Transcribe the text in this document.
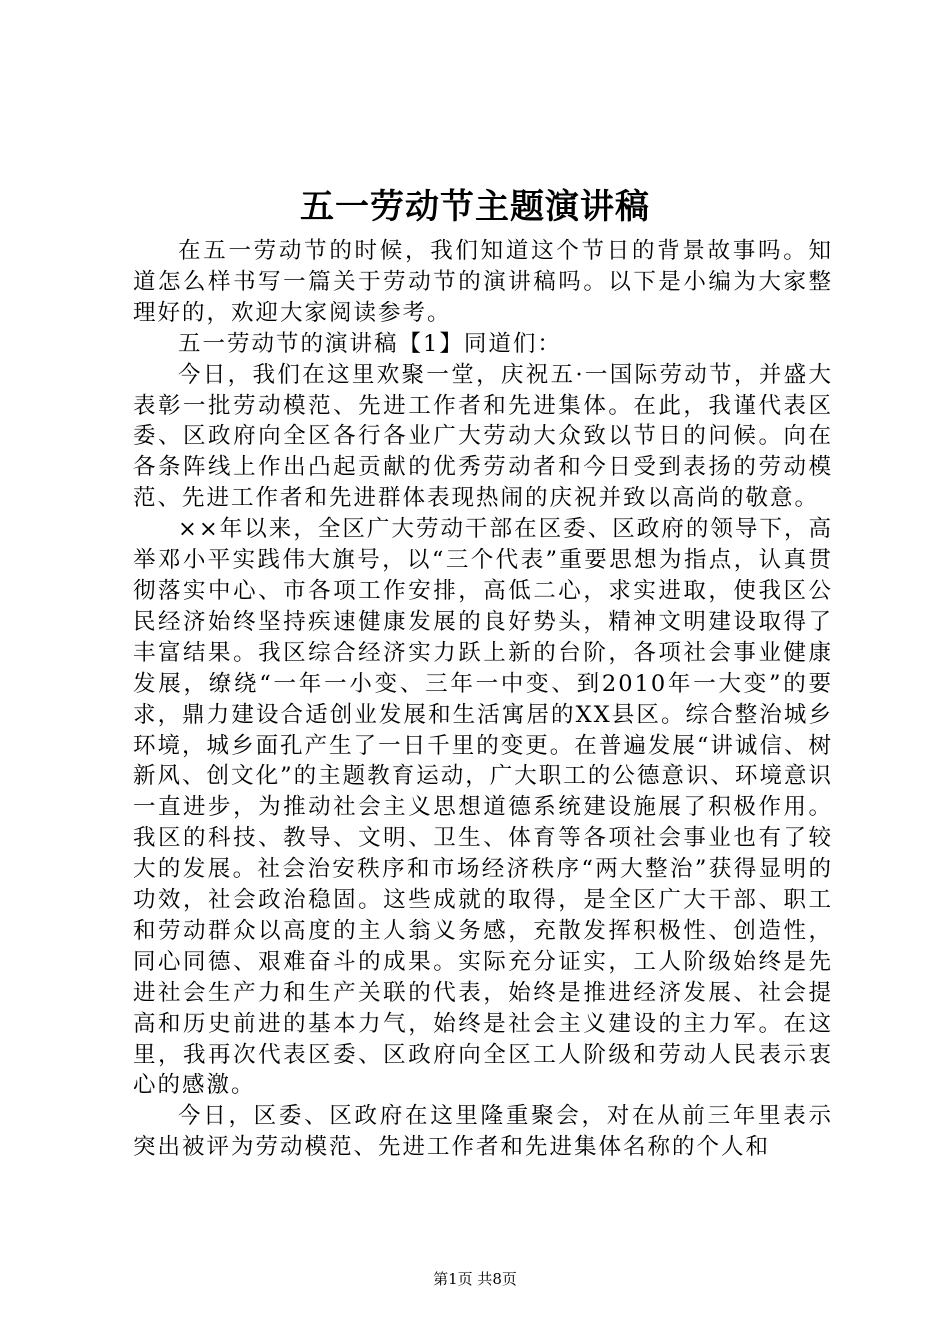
五一劳动节主题演讲稿

在五一劳动节的时候，我们知道这个节日的背景故事吗。知道怎么样书写一篇关于劳动节的演讲稿吗。以下是小编为大家整理好的，欢迎大家阅读参考。

五一劳动节的演讲稿【1】同道们：

今日，我们在这里欢聚一堂，庆祝五·一国际劳动节，并盛大表彰一批劳动模范、先进工作者和先进集体。在此，我谨代表区委、区政府向全区各行各业广大劳动大众致以节日的问候。向在各条阵线上作出凸起贡献的优秀劳动者和今日受到表扬的劳动模范、先进工作者和先进群体表现热闹的庆祝并致以高尚的敬意。

××年以来，全区广大劳动干部在区委、区政府的领导下，高举邓小平实践伟大旗号，以“三个代表”重要思想为指点，认真贯彻落实中心、市各项工作安排，高低二心，求实进取，使我区公民经济始终坚持疾速健康发展的良好势头，精神文明建设取得了丰富结果。我区综合经济实力跃上新的台阶，各项社会事业健康发展，缭绕“一年一小变、三年一中变、到2010年一大变”的要求，鼎力建设合适创业发展和生活寓居的XX县区。综合整治城乡环境，城乡面孔产生了一日千里的变更。在普遍发展“讲诚信、树新风、创文化”的主题教育运动，广大职工的公德意识、环境意识一直进步，为推动社会主义思想道德系统建设施展了积极作用。我区的科技、教导、文明、卫生、体育等各项社会事业也有了较大的发展。社会治安秩序和市场经济秩序“两大整治”获得显明的功效，社会政治稳固。这些成就的取得，是全区广大干部、职工和劳动群众以高度的主人翁义务感，充散发挥积极性、创造性，同心同德、艰难奋斗的成果。实际充分证实，工人阶级始终是先进社会生产力和生产关联的代表，始终是推进经济发展、社会提高和历史前进的基本力气，始终是社会主义建设的主力军。在这里，我再次代表区委、区政府向全区工人阶级和劳动人民表示衷心的感激。

今日，区委、区政府在这里隆重聚会，对在从前三年里表示突出被评为劳动模范、先进工作者和先进集体名称的个人和

第1页 共8页
